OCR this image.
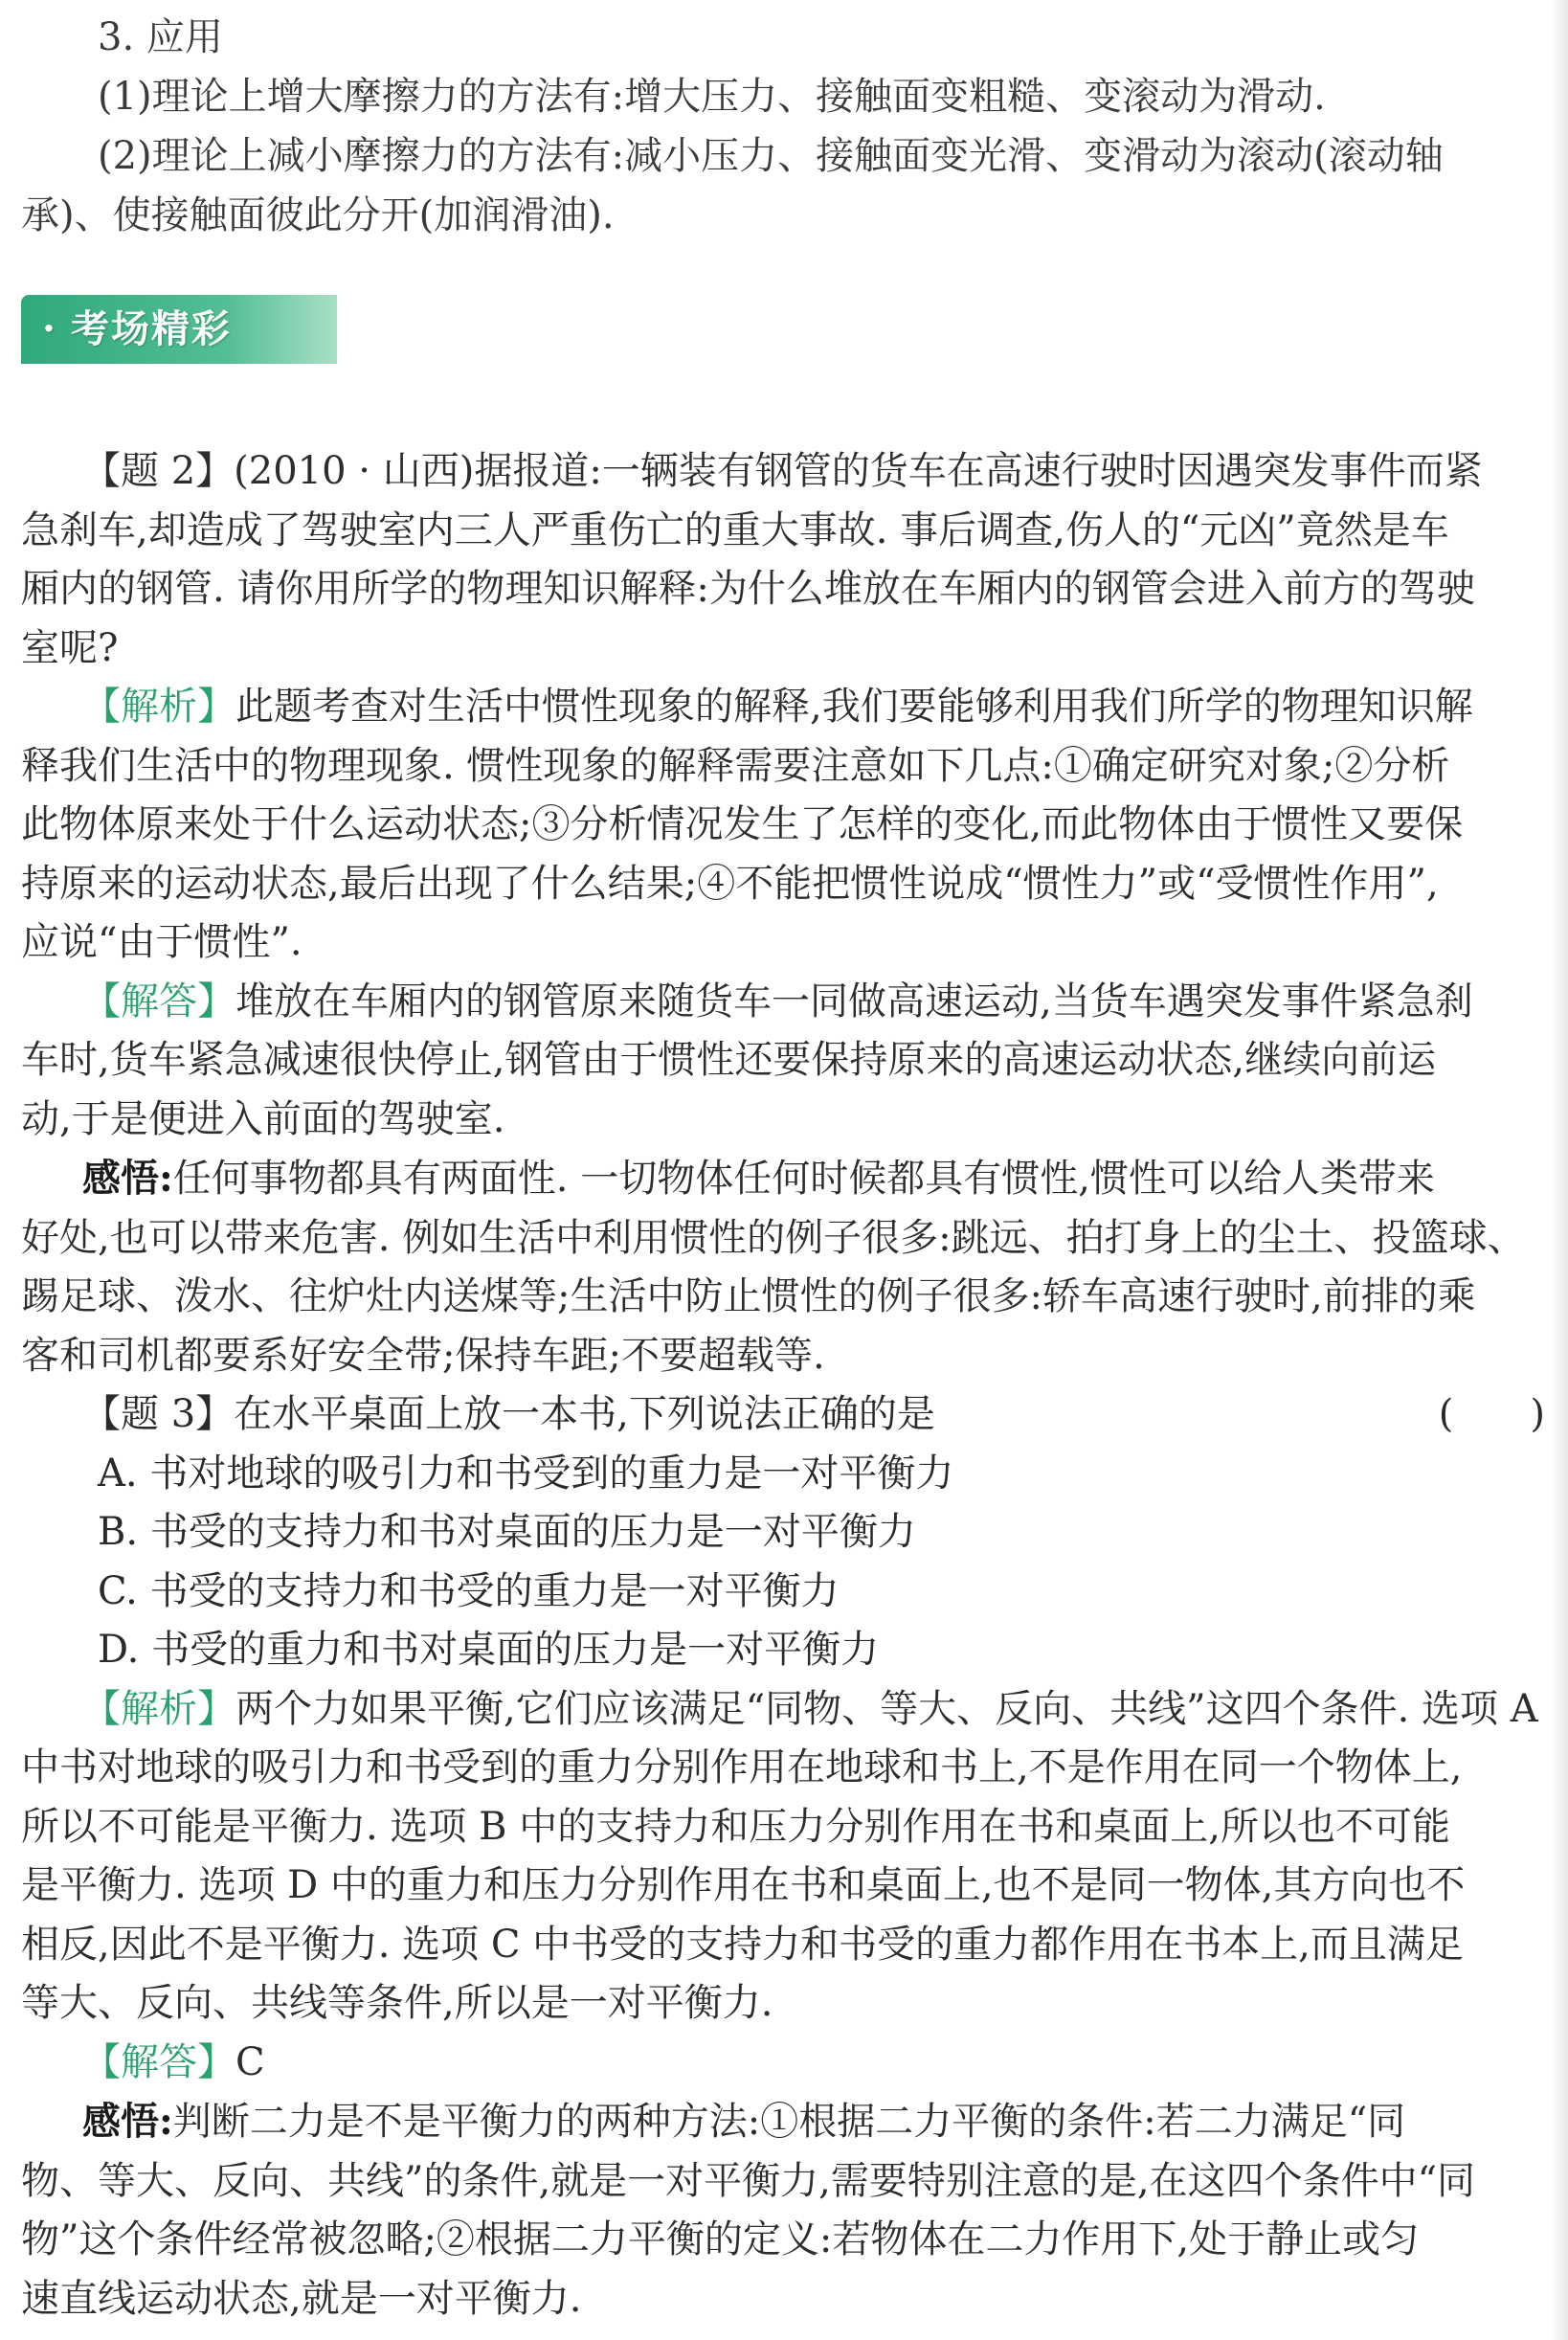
3. 应用
(1)理论上增大摩擦力的方法有:增大压力、接触面变粗糙、变滚动为滑动.
(2)理论上减小摩擦力的方法有:减小压力、接触面变光滑、变滑动为滚动(滚动轴
承)、使接触面彼此分开(加润滑油).
· 考场精彩

【题 2】(2010 · 山西)据报道:一辆装有钢管的货车在高速行驶时因遇突发事件而紧

急刹车,却造成了驾驶室内三人严重伤亡的重大事故. 事后调查,伤人的“元凶”竟然是车

厢内的钢管. 请你用所学的物理知识解释:为什么堆放在车厢内的钢管会进入前方的驾驶

室呢?

【解析】此题考查对生活中惯性现象的解释,我们要能够利用我们所学的物理知识解

释我们生活中的物理现象. 惯性现象的解释需要注意如下几点:①确定研究对象;②分析

此物体原来处于什么运动状态;③分析情况发生了怎样的变化,而此物体由于惯性又要保

持原来的运动状态,最后出现了什么结果;④不能把惯性说成“惯性力”或“受惯性作用”,

应说“由于惯性”.

【解答】堆放在车厢内的钢管原来随货车一同做高速运动,当货车遇突发事件紧急刹

车时,货车紧急减速很快停止,钢管由于惯性还要保持原来的高速运动状态,继续向前运

动,于是便进入前面的驾驶室.

感悟:任何事物都具有两面性. 一切物体任何时候都具有惯性,惯性可以给人类带来

好处,也可以带来危害. 例如生活中利用惯性的例子很多:跳远、拍打身上的尘土、投篮球、

踢足球、泼水、往炉灶内送煤等;生活中防止惯性的例子很多:轿车高速行驶时,前排的乘

客和司机都要系好安全带;保持车距;不要超载等.

【题 3】在水平桌面上放一本书,下列说法正确的是	(　　)
A. 书对地球的吸引力和书受到的重力是一对平衡力
B. 书受的支持力和书对桌面的压力是一对平衡力
C. 书受的支持力和书受的重力是一对平衡力
D. 书受的重力和书对桌面的压力是一对平衡力

【解析】两个力如果平衡,它们应该满足“同物、等大、反向、共线”这四个条件. 选项 A

中书对地球的吸引力和书受到的重力分别作用在地球和书上,不是作用在同一个物体上,

所以不可能是平衡力. 选项 B 中的支持力和压力分别作用在书和桌面上,所以也不可能

是平衡力. 选项 D 中的重力和压力分别作用在书和桌面上,也不是同一物体,其方向也不

相反,因此不是平衡力. 选项 C 中书受的支持力和书受的重力都作用在书本上,而且满足

等大、反向、共线等条件,所以是一对平衡力.

【解答】C

感悟:判断二力是不是平衡力的两种方法:①根据二力平衡的条件:若二力满足“同

物、等大、反向、共线”的条件,就是一对平衡力,需要特别注意的是,在这四个条件中“同

物”这个条件经常被忽略;②根据二力平衡的定义:若物体在二力作用下,处于静止或匀

速直线运动状态,就是一对平衡力.
